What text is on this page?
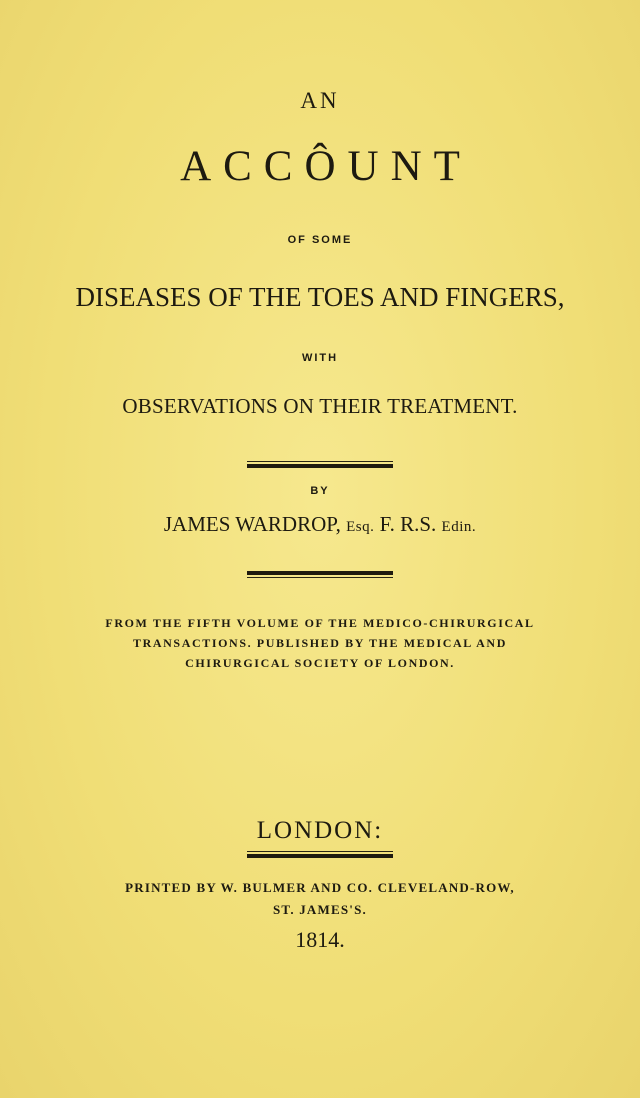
AN
ACCÔUNT
OF SOME
DISEASES OF THE TOES AND FINGERS,
WITH
OBSERVATIONS ON THEIR TREATMENT.
BY
JAMES WARDROP, Esq. F. R.S. Edin.
FROM THE FIFTH VOLUME OF THE MEDICO-CHIRURGICAL
TRANSACTIONS. PUBLISHED BY THE MEDICAL AND
CHIRURGICAL SOCIETY OF LONDON.
LONDON:
PRINTED BY W. BULMER AND CO. CLEVELAND-ROW,
ST. JAMES'S.
1814.
